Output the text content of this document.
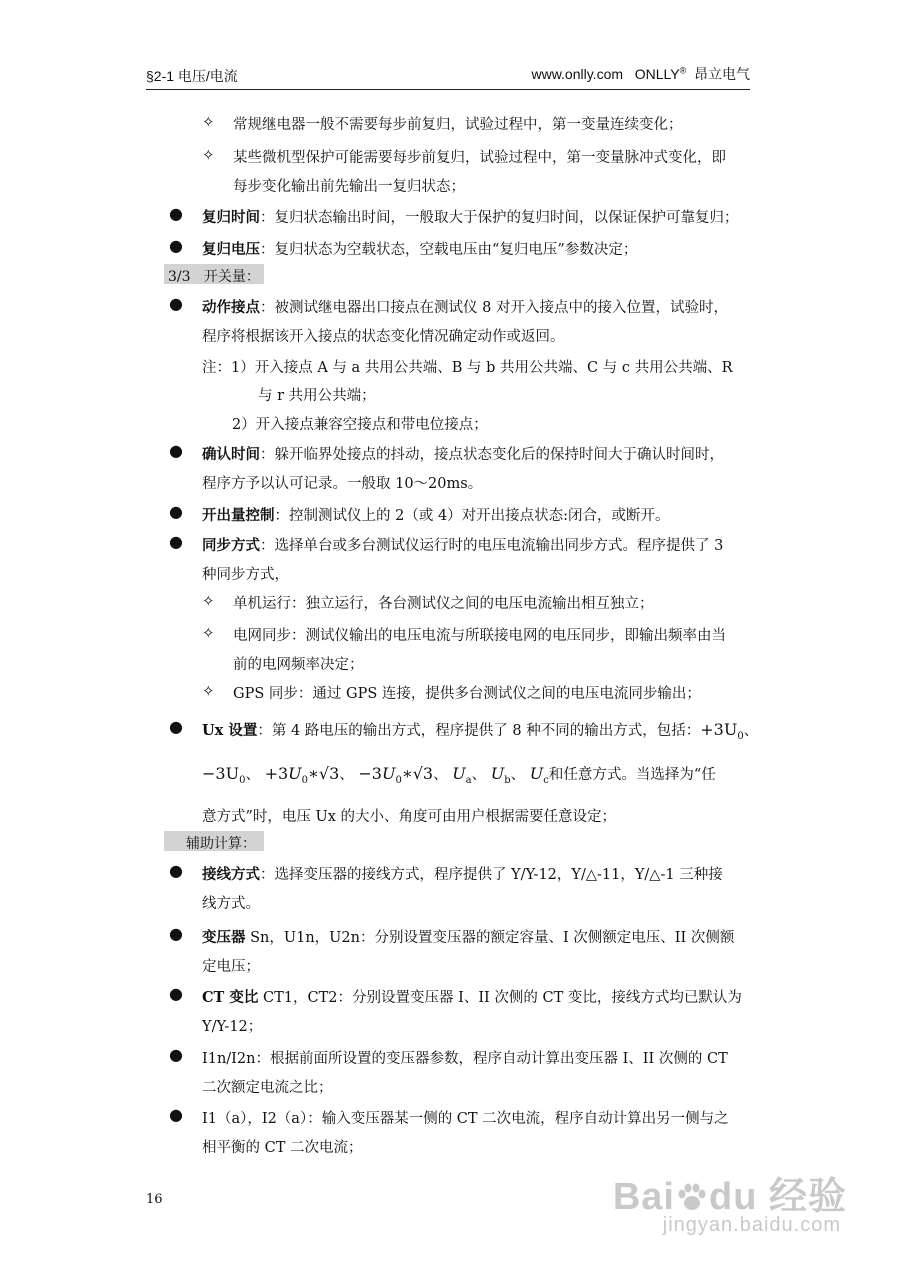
§2-1 电压/电流	www.onlly.com ONLLY® 昂立电气
✧ 常规继电器一般不需要每步前复归，试验过程中，第一变量连续变化；
✧ 某些微机型保护可能需要每步前复归，试验过程中，第一变量脉冲式变化，即
每步变化输出前先输出一复归状态；
● 复归时间：复归状态输出时间，一般取大于保护的复归时间，以保证保护可靠复归；
● 复归电压：复归状态为空载状态，空载电压由“复归电压”参数决定；
3/3 开关量：
● 动作接点：被测试继电器出口接点在测试仪 8 对开入接点中的接入位置，试验时，
程序将根据该开入接点的状态变化情况确定动作或返回。
注：1）开入接点 A 与 a 共用公共端、B 与 b 共用公共端、C 与 c 共用公共端、R
与 r 共用公共端；
2）开入接点兼容空接点和带电位接点；
● 确认时间：躲开临界处接点的抖动，接点状态变化后的保持时间大于确认时间时，
程序方予以认可记录。一般取 10～20ms。
● 开出量控制：控制测试仪上的 2（或 4）对开出接点状态:闭合，或断开。
● 同步方式：选择单台或多台测试仪运行时的电压电流输出同步方式。程序提供了 3
种同步方式，
✧ 单机运行：独立运行，各台测试仪之间的电压电流输出相互独立；
✧ 电网同步：测试仪输出的电压电流与所联接电网的电压同步，即输出频率由当
前的电网频率决定；
✧ GPS 同步：通过 GPS 连接，提供多台测试仪之间的电压电流同步输出；
● Ux 设置：第 4 路电压的输出方式，程序提供了 8 种不同的输出方式，包括：$+3U_0$、
$-3U_0$、 $+3U_0∗√3$、 $-3U_0∗√3$、 $U_a$、 $U_b$、 $U_c$和任意方式。当选择为“任
意方式”时，电压 Ux 的大小、角度可由用户根据需要任意设定；
辅助计算：
● 接线方式：选择变压器的接线方式，程序提供了 Y/Y-12，Y/△-11，Y/△-1 三种接
线方式。
● 变压器 Sn，U1n，U2n：分别设置变压器的额定容量、I 次侧额定电压、II 次侧额
定电压；
● CT 变比 CT1，CT2：分别设置变压器 I、II 次侧的 CT 变比，接线方式均已默认为
Y/Y-12；
● I1n/I2n：根据前面所设置的变压器参数，程序自动计算出变压器 I、II 次侧的 CT
二次额定电流之比；
● I1（a），I2（a）：输入变压器某一侧的 CT 二次电流，程序自动计算出另一侧与之
相平衡的 CT 二次电流；
16	Bai du 经验
jingyan.baidu.com
